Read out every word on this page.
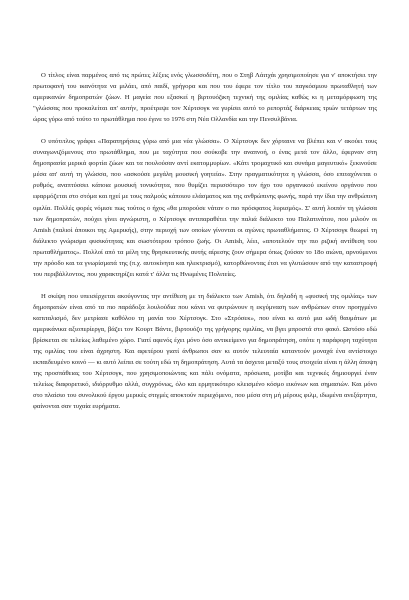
O τίτλος είναι παρμένος από τις πρώτες λέξεις ενός γλωσσοδέτη, που ο Στηβ Λάιτχάι χρησιμοποίησε για ν' αποκτήσει την πρωτοφανή του ικανότητα να μιλάει, από παιδί, γρήγορα και που του έφερε τον τίτλο του παγκόσμιου πρωταθλητή των αμερικανών δημοπρατών ζώων. Η μαγεία που εξασκεί η βιρτουόζικη τεχνική της ομιλίας καθώς κι η μεταμόρφωση της "γλώσσας που προκαλείται απ' αυτήν, προέτρεψε τον Χέρτσογκ να γυρίσει αυτό το ρεπορτάζ διάρκειας τριών τετάρτων της ώρας γύρω από τούτο το πρωτάθλημα που έγινε το 1976 στη Νέα Ολλανδία και την Πενσυλβάνια.

O υπότιτλος γράφει «Παρατηρήσεις γύρω από μια νέα γλώσσα». O Χέρτσογκ δεν χόρταινε να βλέπει και ν' ακούει τους συναγωνιζόμενους στο πρωτάθλημα, που με ταχύτητα που σούκοβε την αναπνοή, ο ένας μετά τον άλλο, έφερναν στη δημοπρασία μερικά φορτία ζώων και τα πουλούσαν αντί εκατομμυρίων. «Κάτι τρομαχτικό και συνάμα μαγευτικό» ξεκινούσε μέσα απ' αυτή τη γλώσσα, που «ασκούσε μεγάλη μουσική γοητεία». Στην πραγματικότητα η γλώσσα, όσο επιταχύνεται ο ρυθμός, αναπτύσσει κάποια μουσική τονικότητα, που θυμίζει περισσότερο τον ήχο του οργανικού εκείνου οργάνου που εφαρμόζεται στο στόμα και ηχεί με τους παλμούς κάποιου ελάσματος και της ανθρώπινης φωνής, παρά την ίδια την ανθρώπινη ομιλία. Πολλές φορές νόμισε πως τούτος ο ήχος «θα μπορούσε νάταν ο πιο πρόσφατος λυρισμός». Σ' αυτή λοιπόν τη γλώσσα των δημοπρατών, πούχει γίνει αγνώριστη, ο Χέρτσογκ αντιπαραθέτει την παλιά διάλεκτο του Παλατινάτου, που μιλούν οι Amish (παλιοί άποικοι της Αμερικής), στην περιοχή των οποίων γίνονται οι αγώνες πρωταθλήματος. O Χέρτσογκ θεωρεί τη διάλεκτο γνώρισμα φυσικότητας και σωστότερου τρόπου ζωής. Οι Amish, λέει, «αποτελούν την πιο ριζική αντίθεση του πρωταθλήματος». Πολλοί από τα μέλη της θρησκευτικής αυτής αίρεσης ζουν σήμερα όπως ζούσαν το 18ο αιώνα, αρνούμενοι την πρόοδο και τα γνωρίσματά της (π.χ. αυτοκίνητα και ηλεκτρισμό), κατορθώνοντας έτσι να γλυτώσουν από την καταστροφή του περιβάλλοντος, που χαρακτηρίζει κατά τ' άλλα τις Ηνωμένες Πολιτείες.

H σκέψη που υπεισέρχεται ακούγοντας την αντίθεση με τη διάλεκτο των Amish, ότι δηλαδή η «φυσική της ομιλίας» των δημοπρατών είναι από τα πιο παράδοξα λουλούδια που κάνει να φυτρώνουν η εκγύμναση των ανθρώπων στον προηγμένο καπιταλισμό, δεν μετρίασε καθόλου τη μανία του Χέρτσογκ. Στο «Στρόσεκ», που είναι κι αυτό μια ωδή θαυμάτων με αμερικάνικα αξιοπερίεργα, βάζει τον Κουρτ Βάντε, βιρτουόζο της γρήγορης ομιλίας, να βγει μπροστά στο φακό. Ωστόσο εδώ βρίσκεται σε τελείως λαθεμένο χώρο. Γιατί αφενός έχει μόνο όσο αντικείμενο για δημοπράτηση, οπότε η παράφορη ταχύτητα της ομιλίας του είναι άχρηστη. Και αφετέρου γιατί άνθρωποι σαν κι αυτόν τελευταία καταντούν μοναχά ένα αντίστοιχο εκπαιδευμένο κοινό — κι αυτό λείπει σε τούτη εδώ τη δημοπράτηση. Αυτά τα άσχετα μεταξύ τους στοιχεία είναι η άλλη άποψη της προσπάθειας του Χέρτσογκ, που χρησιμοποιώντας και πάλι ονόματα, πρόσωπα, μοτίβα και τεχνικές δημιουργεί έναν τελείως διαφορετικό, ιδιόρρυθμο αλλά, συγχρόνως, όλο και ερμητικότερο κλεισμένο κόσμο εικόνων και σημασιών. Και μόνο στο πλαίσιο του συνολικού έργου μερικές στιγμές αποκτούν περιεχόμενο, που μέσα στη μή μέρους φιλμ, ιδωμένα ανεξάρτητα, φαίνονται σαν τυχαία ευρήματα.
